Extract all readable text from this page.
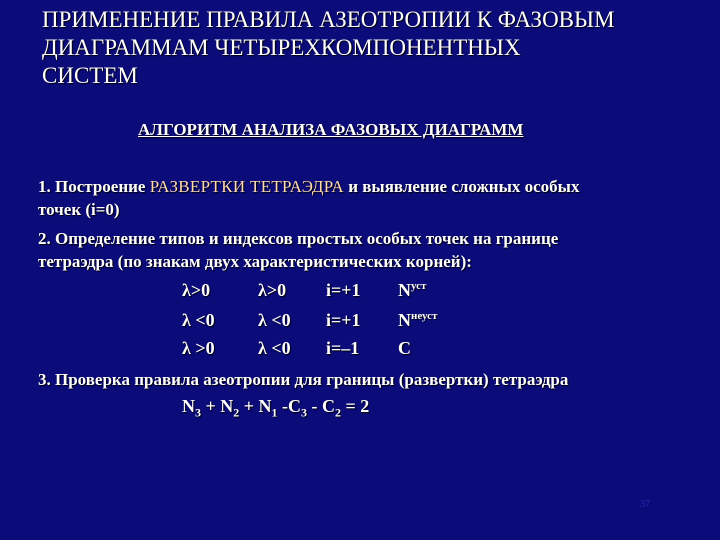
ПРИМЕНЕНИЕ ПРАВИЛА АЗЕОТРОПИИ К ФАЗОВЫМ
ДИАГРАММАМ ЧЕТЫРЕХКОМПОНЕНТНЫХ
СИСТЕМ
АЛГОРИТМ АНАЛИЗА ФАЗОВЫХ ДИАГРАММ
1. Построение РАЗВЕРТКИ ТЕТРАЭДРА и выявление сложных особых
точек (i=0)
2. Определение типов и индексов простых особых точек на границе
тетраэдра (по знакам двух характеристических корней):
λ>0	λ>0 i=+1 $N^{уст}$
λ <0 λ <0 i=+1 $N^{неуст}$
λ >0 λ <0 i=–1 C
3. Проверка правила азеотропии для границы (развертки) тетраэдра
$N_3 + N_2 + N_1$ $-C_3 - C_2 = 2$
37
